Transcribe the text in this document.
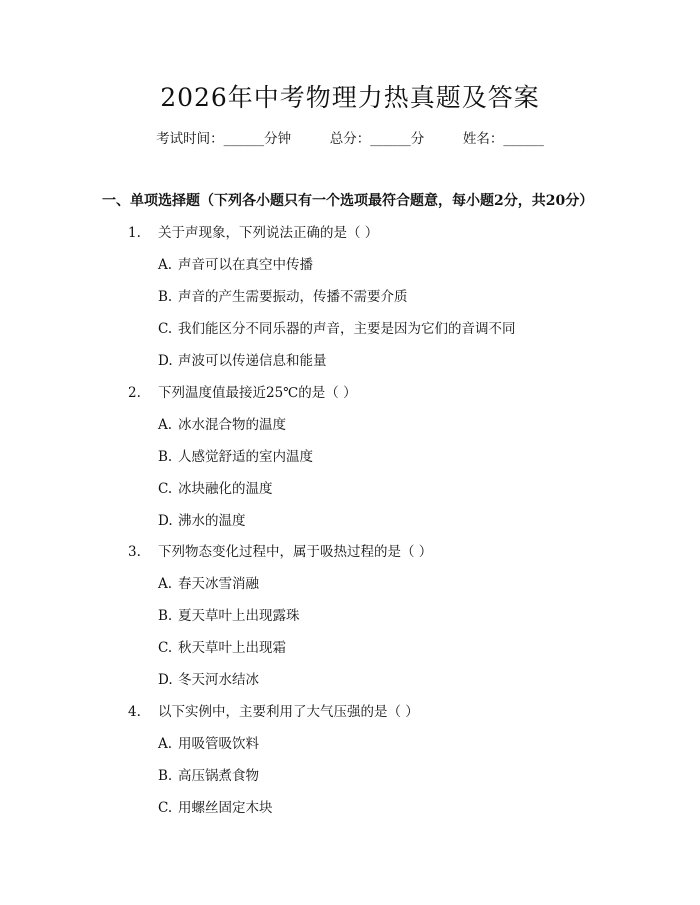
2026年中考物理力热真题及答案
考试时间：______分钟	总分：______分	姓名：______
一、单项选择题（下列各小题只有一个选项最符合题意，每小题2分，共20分）
1. 关于声现象，下列说法正确的是（ ）
A. 声音可以在真空中传播
B. 声音的产生需要振动，传播不需要介质
C. 我们能区分不同乐器的声音，主要是因为它们的音调不同
D. 声波可以传递信息和能量
2. 下列温度值最接近25℃的是（ ）
A. 冰水混合物的温度
B. 人感觉舒适的室内温度
C. 冰块融化的温度
D. 沸水的温度
3. 下列物态变化过程中，属于吸热过程的是（ ）
A. 春天冰雪消融
B. 夏天草叶上出现露珠
C. 秋天草叶上出现霜
D. 冬天河水结冰
4. 以下实例中，主要利用了大气压强的是（ ）
A. 用吸管吸饮料
B. 高压锅煮食物
C. 用螺丝固定木块
